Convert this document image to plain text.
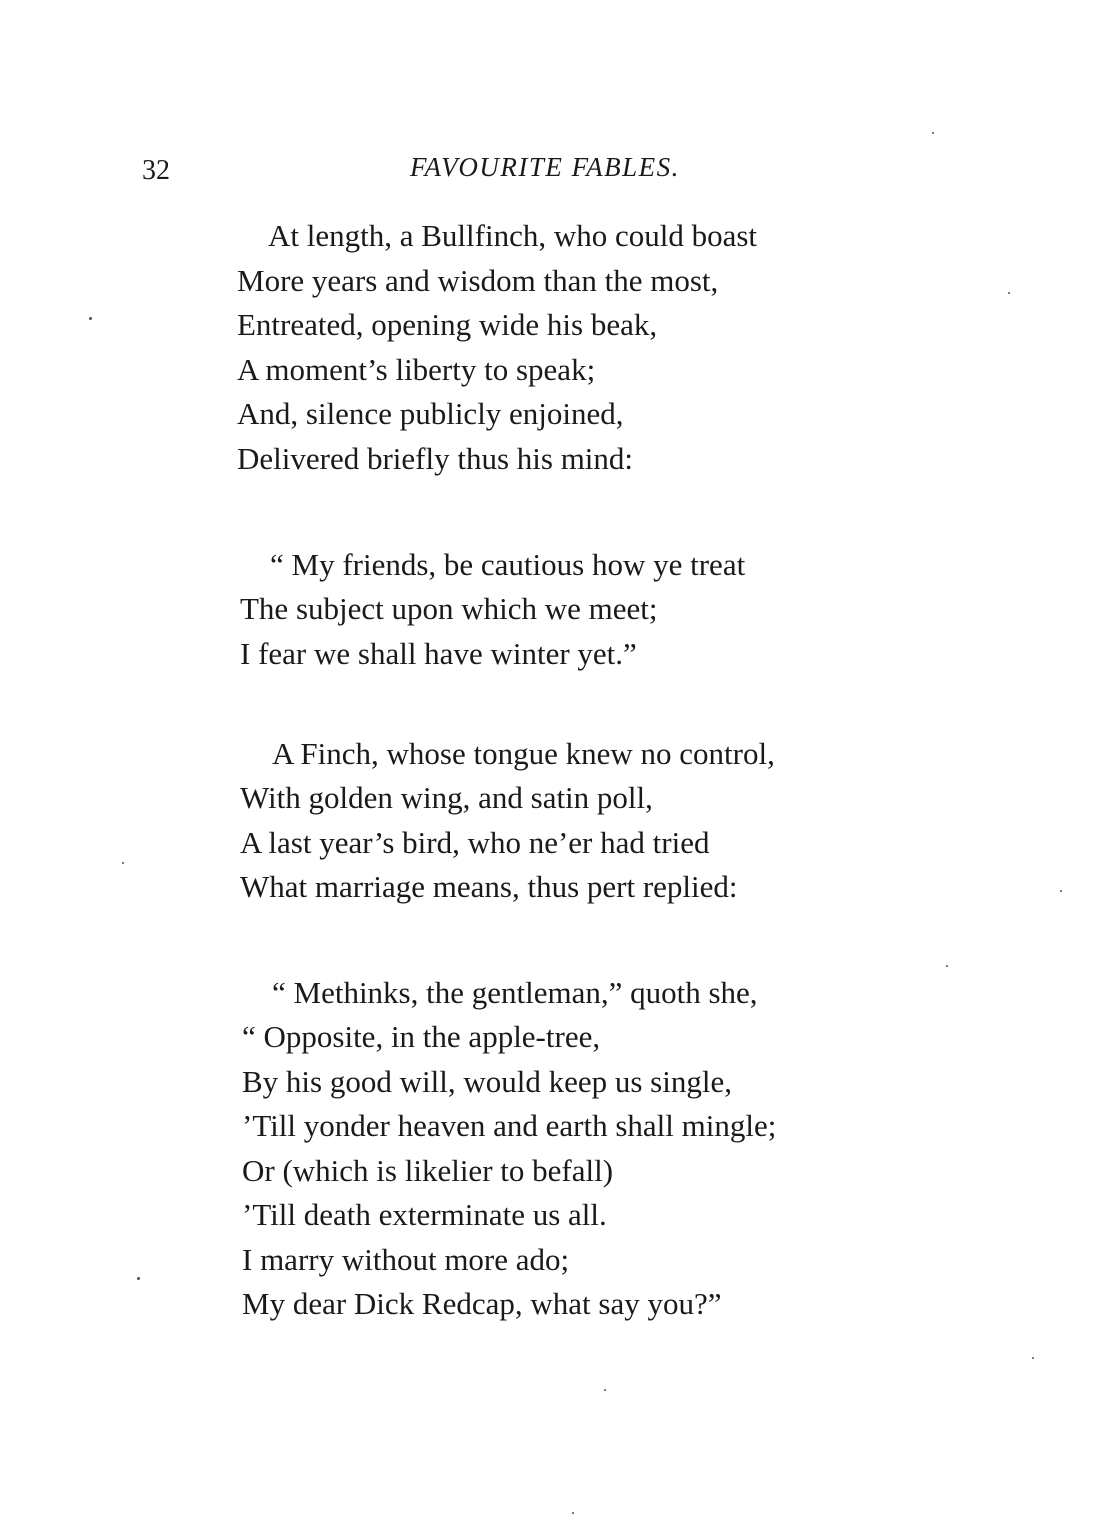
32	FAVOURITE FABLES.
At length, a Bullfinch, who could boast
More years and wisdom than the most,
Entreated, opening wide his beak,
A moment’s liberty to speak;
And, silence publicly enjoined,
Delivered briefly thus his mind:
“ My friends, be cautious how ye treat
The subject upon which we meet;
I fear we shall have winter yet.”
A Finch, whose tongue knew no control,
With golden wing, and satin poll,
A last year’s bird, who ne’er had tried
What marriage means, thus pert replied:
“ Methinks, the gentleman,” quoth she,
“ Opposite, in the apple-tree,
By his good will, would keep us single,
’Till yonder heaven and earth shall mingle;
Or (which is likelier to befall)
’Till death exterminate us all.
I marry without more ado;
My dear Dick Redcap, what say you?”
